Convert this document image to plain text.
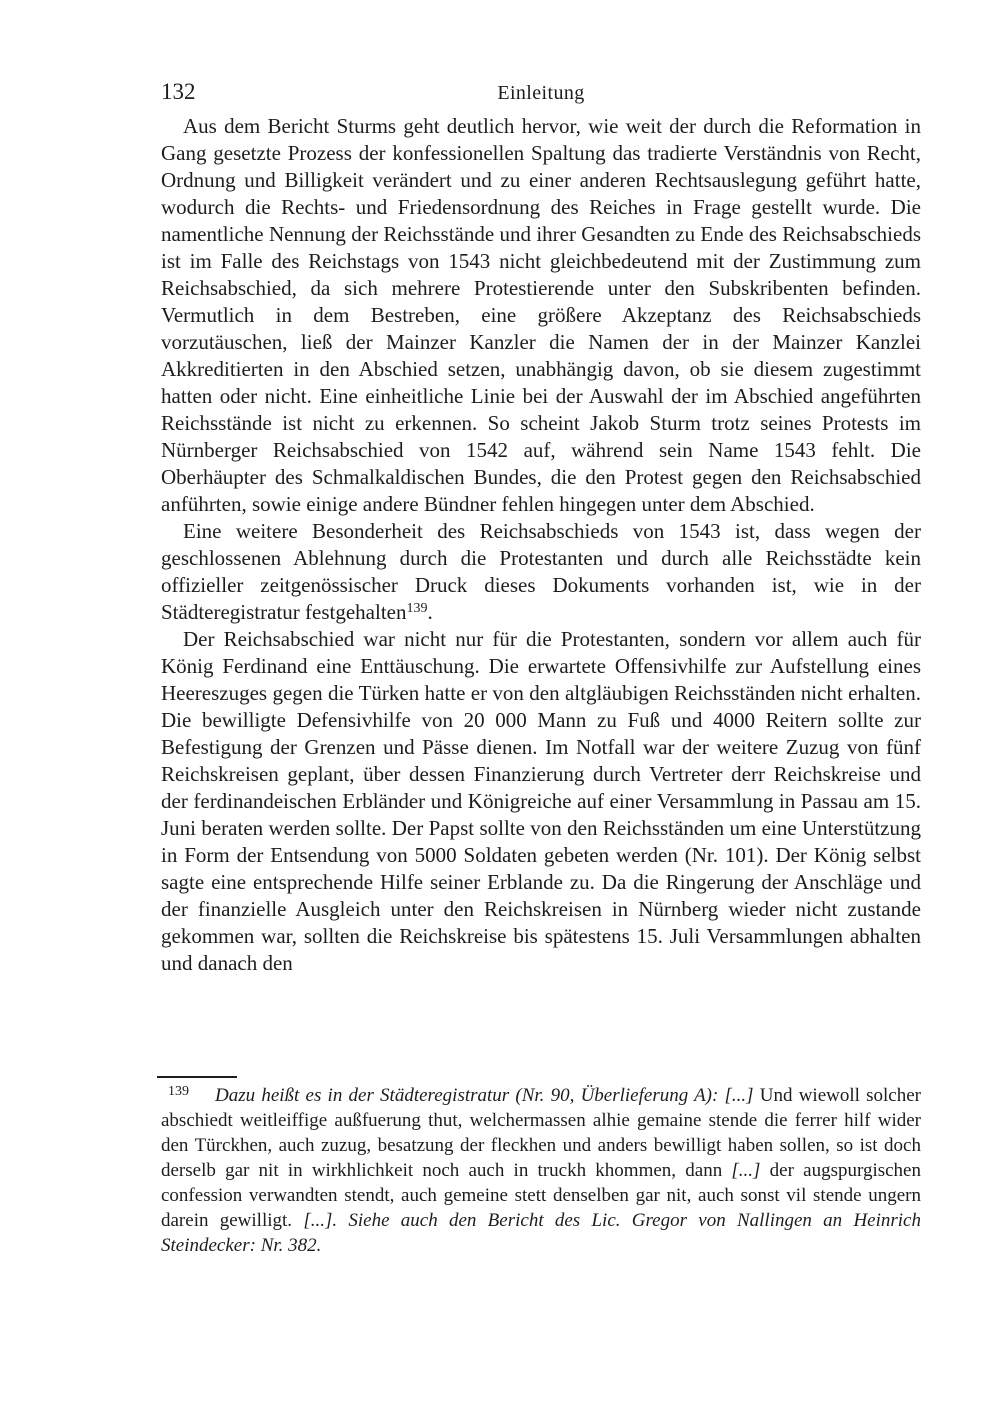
132	Einleitung

Aus dem Bericht Sturms geht deutlich hervor, wie weit der durch die Reformation in Gang gesetzte Prozess der konfessionellen Spaltung das tradierte Verständnis von Recht, Ordnung und Billigkeit verändert und zu einer anderen Rechtsauslegung geführt hatte, wodurch die Rechts- und Friedensordnung des Reiches in Frage gestellt wurde. Die namentliche Nennung der Reichsstände und ihrer Gesandten zu Ende des Reichsabschieds ist im Falle des Reichstags von 1543 nicht gleichbedeutend mit der Zustimmung zum Reichsabschied, da sich mehrere Protestierende unter den Subskribenten befinden. Vermutlich in dem Bestreben, eine größere Akzeptanz des Reichsabschieds vorzutäuschen, ließ der Mainzer Kanzler die Namen der in der Mainzer Kanzlei Akkreditierten in den Abschied setzen, unabhängig davon, ob sie diesem zugestimmt hatten oder nicht. Eine einheitliche Linie bei der Auswahl der im Abschied angeführten Reichsstände ist nicht zu erkennen. So scheint Jakob Sturm trotz seines Protests im Nürnberger Reichsabschied von 1542 auf, während sein Name 1543 fehlt. Die Oberhäupter des Schmalkaldischen Bundes, die den Protest gegen den Reichsabschied anführten, sowie einige andere Bündner fehlen hingegen unter dem Abschied.

Eine weitere Besonderheit des Reichsabschieds von 1543 ist, dass wegen der geschlossenen Ablehnung durch die Protestanten und durch alle Reichsstädte kein offizieller zeitgenössischer Druck dieses Dokuments vorhanden ist, wie in der Städteregistratur festgehalten$^{139}$.

Der Reichsabschied war nicht nur für die Protestanten, sondern vor allem auch für König Ferdinand eine Enttäuschung. Die erwartete Offensivhilfe zur Aufstellung eines Heereszuges gegen die Türken hatte er von den altgläubigen Reichsständen nicht erhalten. Die bewilligte Defensivhilfe von 20 000 Mann zu Fuß und 4000 Reitern sollte zur Befestigung der Grenzen und Pässe dienen. Im Notfall war der weitere Zuzug von fünf Reichskreisen geplant, über dessen Finanzierung durch Vertreter derr Reichskreise und der ferdinandeischen Erbländer und Königreiche auf einer Versammlung in Passau am 15. Juni beraten werden sollte. Der Papst sollte von den Reichsständen um eine Unterstützung in Form der Entsendung von 5000 Soldaten gebeten werden (Nr. 101). Der König selbst sagte eine entsprechende Hilfe seiner Erblande zu. Da die Ringerung der Anschläge und der finanzielle Ausgleich unter den Reichskreisen in Nürnberg wieder nicht zustande gekommen war, sollten die Reichskreise bis spätestens 15. Juli Versammlungen abhalten und danach den

$^{139}$ Dazu heißt es in der Städteregistratur (Nr. 90, Überlieferung A): [...] Und wiewoll solcher abschiedt weitleiffige außfuerung thut, welchermassen alhie gemaine stende die ferrer hilf wider den Türckhen, auch zuzug, besatzung der fleckhen und anders bewilligt haben sollen, so ist doch derselb gar nit in wirkhlichkeit noch auch in truckh khommen, dann [...] der augspurgischen confession verwandten stendt, auch gemeine stett denselben gar nit, auch sonst vil stende ungern darein gewilligt. [...]. Siehe auch den Bericht des Lic. Gregor von Nallingen an Heinrich Steindecker: Nr. 382.
